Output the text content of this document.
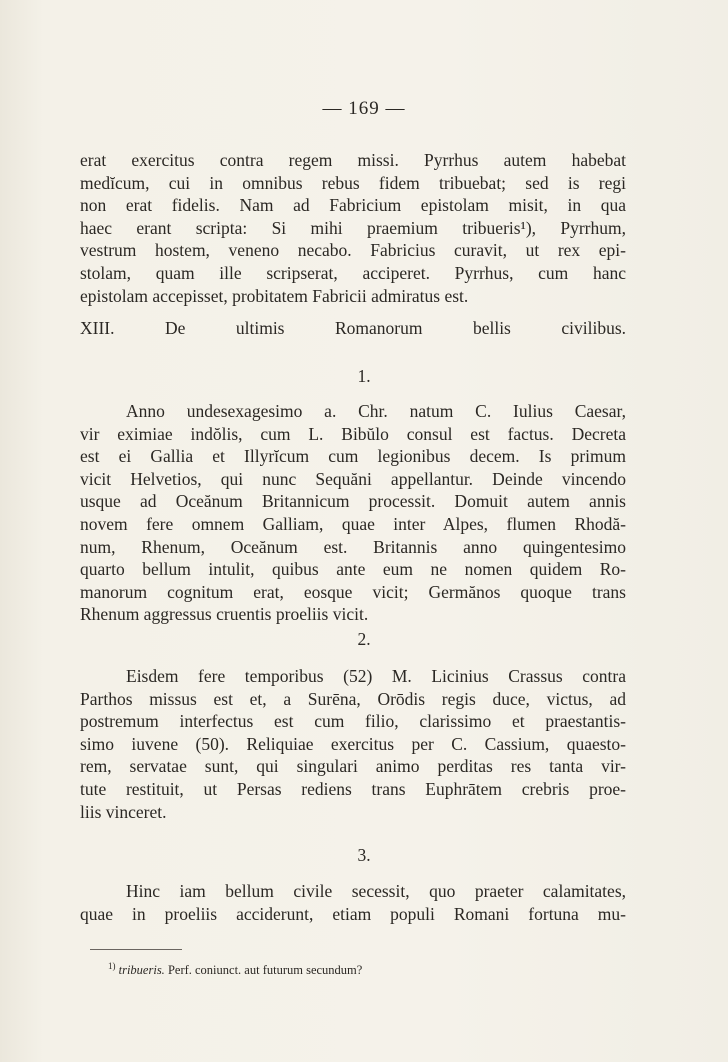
— 169 —
erat exercitus contra regem missi. Pyrrhus autem habebat
medĭcum, cui in omnibus rebus fidem tribuebat; sed is regi
non erat fidelis. Nam ad Fabricium epistolam misit, in qua
haec erant scripta: Si mihi praemium tribueris¹), Pyrrhum,
vestrum hostem, veneno necabo. Fabricius curavit, ut rex epi-
stolam, quam ille scripserat, acciperet. Pyrrhus, cum hanc
epistolam accepisset, probitatem Fabricii admiratus est.
XIII. De ultimis Romanorum bellis civilibus.
1.
Anno undesexagesimo a. Chr. natum C. Iulius Caesar,
vir eximiae indŏlis, cum L. Bibŭlo consul est factus. Decreta
est ei Gallia et Illyrĭcum cum legionibus decem. Is primum
vicit Helvetios, qui nunc Sequăni appellantur. Deinde vincendo
usque ad Oceănum Britannicum processit. Domuit autem annis
novem fere omnem Galliam, quae inter Alpes, flumen Rhodă-
num, Rhenum, Oceănum est. Britannis anno quingentesimo
quarto bellum intulit, quibus ante eum ne nomen quidem Ro-
manorum cognitum erat, eosque vicit; Germănos quoque trans
Rhenum aggressus cruentis proeliis vicit.
2.
Eisdem fere temporibus (52) M. Licinius Crassus contra
Parthos missus est et, a Surēna, Orōdis regis duce, victus, ad
postremum interfectus est cum filio, clarissimo et praestantis-
simo iuvene (50). Reliquiae exercitus per C. Cassium, quaesto-
rem, servatae sunt, qui singulari animo perditas res tanta vir-
tute restituit, ut Persas rediens trans Euphrātem crebris proe-
liis vinceret.
3.
Hinc iam bellum civile secessit, quo praeter calamitates,
quae in proeliis acciderunt, etiam populi Romani fortuna mu-
$^{1)}$ tribueris. Perf. coniunct. aut futurum secundum?
